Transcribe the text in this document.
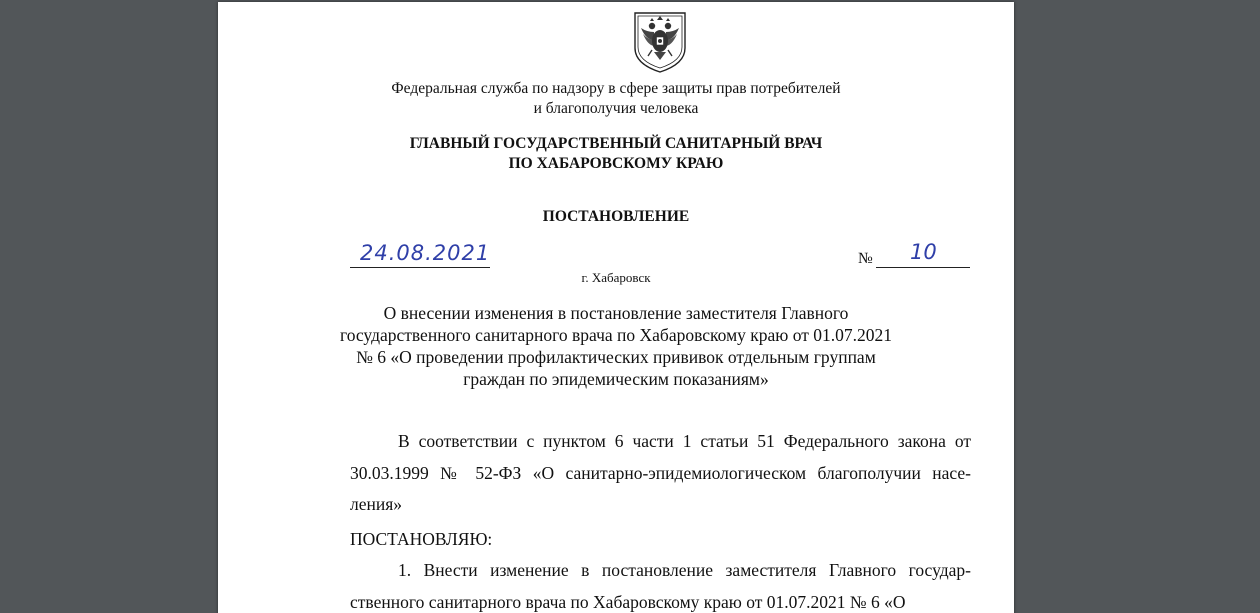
Федеральная служба по надзору в сфере защиты прав потребителей
и благополучия человека
ГЛАВНЫЙ ГОСУДАРСТВЕННЫЙ САНИТАРНЫЙ ВРАЧ
ПО ХАБАРОВСКОМУ КРАЮ
ПОСТАНОВЛЕНИЕ
24.08.2021	№ 10
г. Хабаровск
О внесении изменения в постановление заместителя Главного
государственного санитарного врача по Хабаровскому краю от 01.07.2021
№ 6 «О проведении профилактических прививок отдельным группам
граждан по эпидемическим показаниям»
В соответствии с пунктом 6 части 1 статьи 51 Федерального закона от 30.03.1999 № 52-ФЗ «О санитарно-эпидемиологическом благополучии насе-ления»
ПОСТАНОВЛЯЮ:
1. Внести изменение в постановление заместителя Главного государ-ственного санитарного врача по Хабаровскому краю от 01.07.2021 № 6 «О
